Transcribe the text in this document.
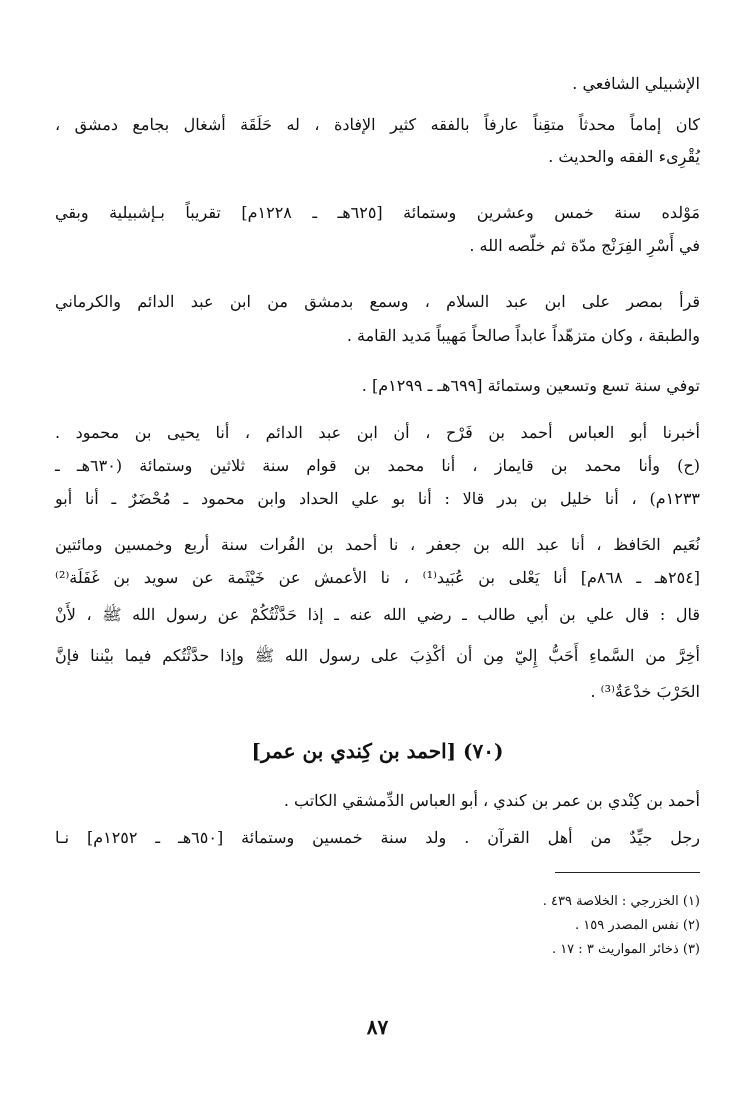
الإشبيلي الشافعي .
كان إماماً محدثاً متقِناً عارفاً بالفقه كثير الإفادة ، له حَلَقَة أشغال بجامع دمشق ،
يُقْرِىء الفقه والحديث .
مَوْلده سنة خمس وعشرين وستمائة [٦٢٥هـ ـ ١٢٢٨م] تقريباً بـإشبيلية وبقي
في أَسْرِ الفِرَنْج مدّة ثم خلّصه الله .
قرأ بمصر على ابن عبد السلام ، وسمع بدمشق من ابن عبد الدائم والكرماني
والطبقة ، وكان متزهّداً عابداً صالحاً مَهيباً مَديد القامة .
توفي سنة تسع وتسعين وستمائة [٦٩٩هـ ـ ١٢٩٩م] .
أخبرنا أبو العباس أحمد بن فَرْح ، أن ابن عبد الدائم ، أنا يحيى بن محمود .
(ح) وأنا محمد بن قايماز ، أنا محمد بن قوام سنة ثلاثين وستمائة (٦٣٠هـ ـ
١٢٣٣م) ، أنا خليل بن بدر قالا : أنا بو علي الحداد وابن محمود ـ مُحْضَرٌ ـ أنا أبو
نُعَيم الحَافظ ، أنا عبد الله بن جعفر ، نا أحمد بن الفُرات سنة أربع وخمسين ومائتين
[٢٥٤هـ ـ ٨٦٨م] أنا يَعْلى بن عُبَيد⁽¹⁾ ، نا الأعمش عن خَيْثَمة عن سويد بن غَفَلَة⁽²⁾
قال : قال علي بن أبي طالب ـ رضي الله عنه ـ إذا حَدَّثْتُكُمْ عن رسول الله ﷺ ، لأَنْ
أخِرَّ من السَّماءِ أَحَبُّ إِليّ مِن أن أكْذِبَ على رسول الله ﷺ وإذا حدَّثْتُكم فيما بيْننا فإنَّ
الحَرْبَ خدْعَةٌ⁽³⁾ .
(٧٠) [احمد بن كِندي بن عمر]
أحمد بن كِنْدي بن عمر بن كندي ، أبو العباس الدِّمشقي الكاتب .
رجل جيِّدٌ من أهل القرآن . ولد سنة خمسين وستمائة [٦٥٠هـ ـ ١٢٥٢م] نـا
(١) الخزرجي : الخلاصة ٤٣٩ .
(٢) نفس المصدر ١٥٩ .
(٣) ذخائر المواريث ٣ : ١٧ .
٨٧
